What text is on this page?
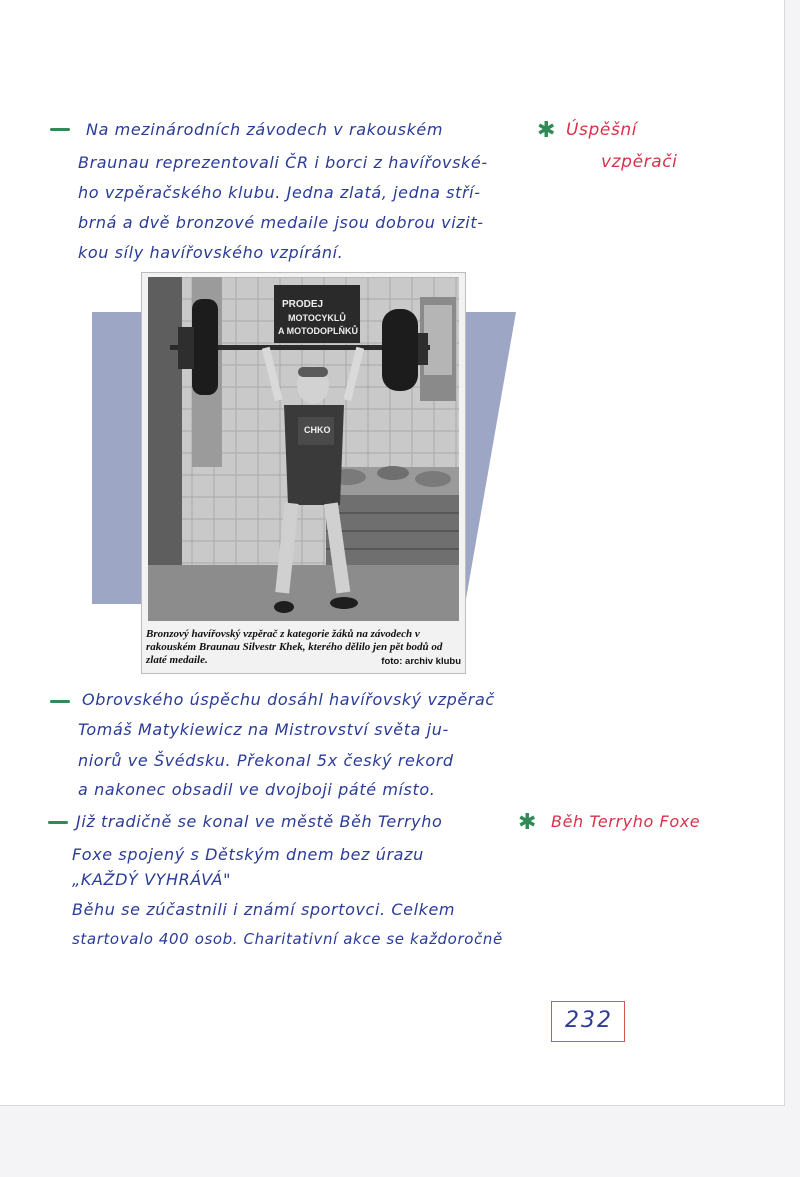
Na mezinárodních závodech v rakouském

Braunau reprezentovali ČR i borci z havířovské-

ho vzpěračského klubu. Jedna zlatá, jedna stří-

brná a dvě bronzové medaile jsou dobrou vizit-

kou síly havířovského vzpírání.

✱ Úspěšní

vzpěrači

PRODEJ
MOTOCYKLŮ
A MOTODOPLŇKŮ
CHKO
Bronzový havířovský vzpěrač z kategorie žáků na závodech v rakouském Braunau Silvestr Khek, kterého dělilo jen pět bodů od zlaté medaile.	foto: archiv klubu

Obrovského úspěchu dosáhl havířovský vzpěrač

Tomáš Matykiewicz na Mistrovství světa ju-

niorů ve Švédsku. Překonal 5x český rekord

a nakonec obsadil ve dvojboji páté místo.

Již tradičně se konal ve městě Běh Terryho

Foxe spojený s Dětským dnem bez úrazu

„KAŽDÝ VYHRÁVÁ"

Běhu se zúčastnili i známí sportovci. Celkem

startovalo 400 osob. Charitativní akce se každoročně

✱ Běh Terryho Foxe

232
